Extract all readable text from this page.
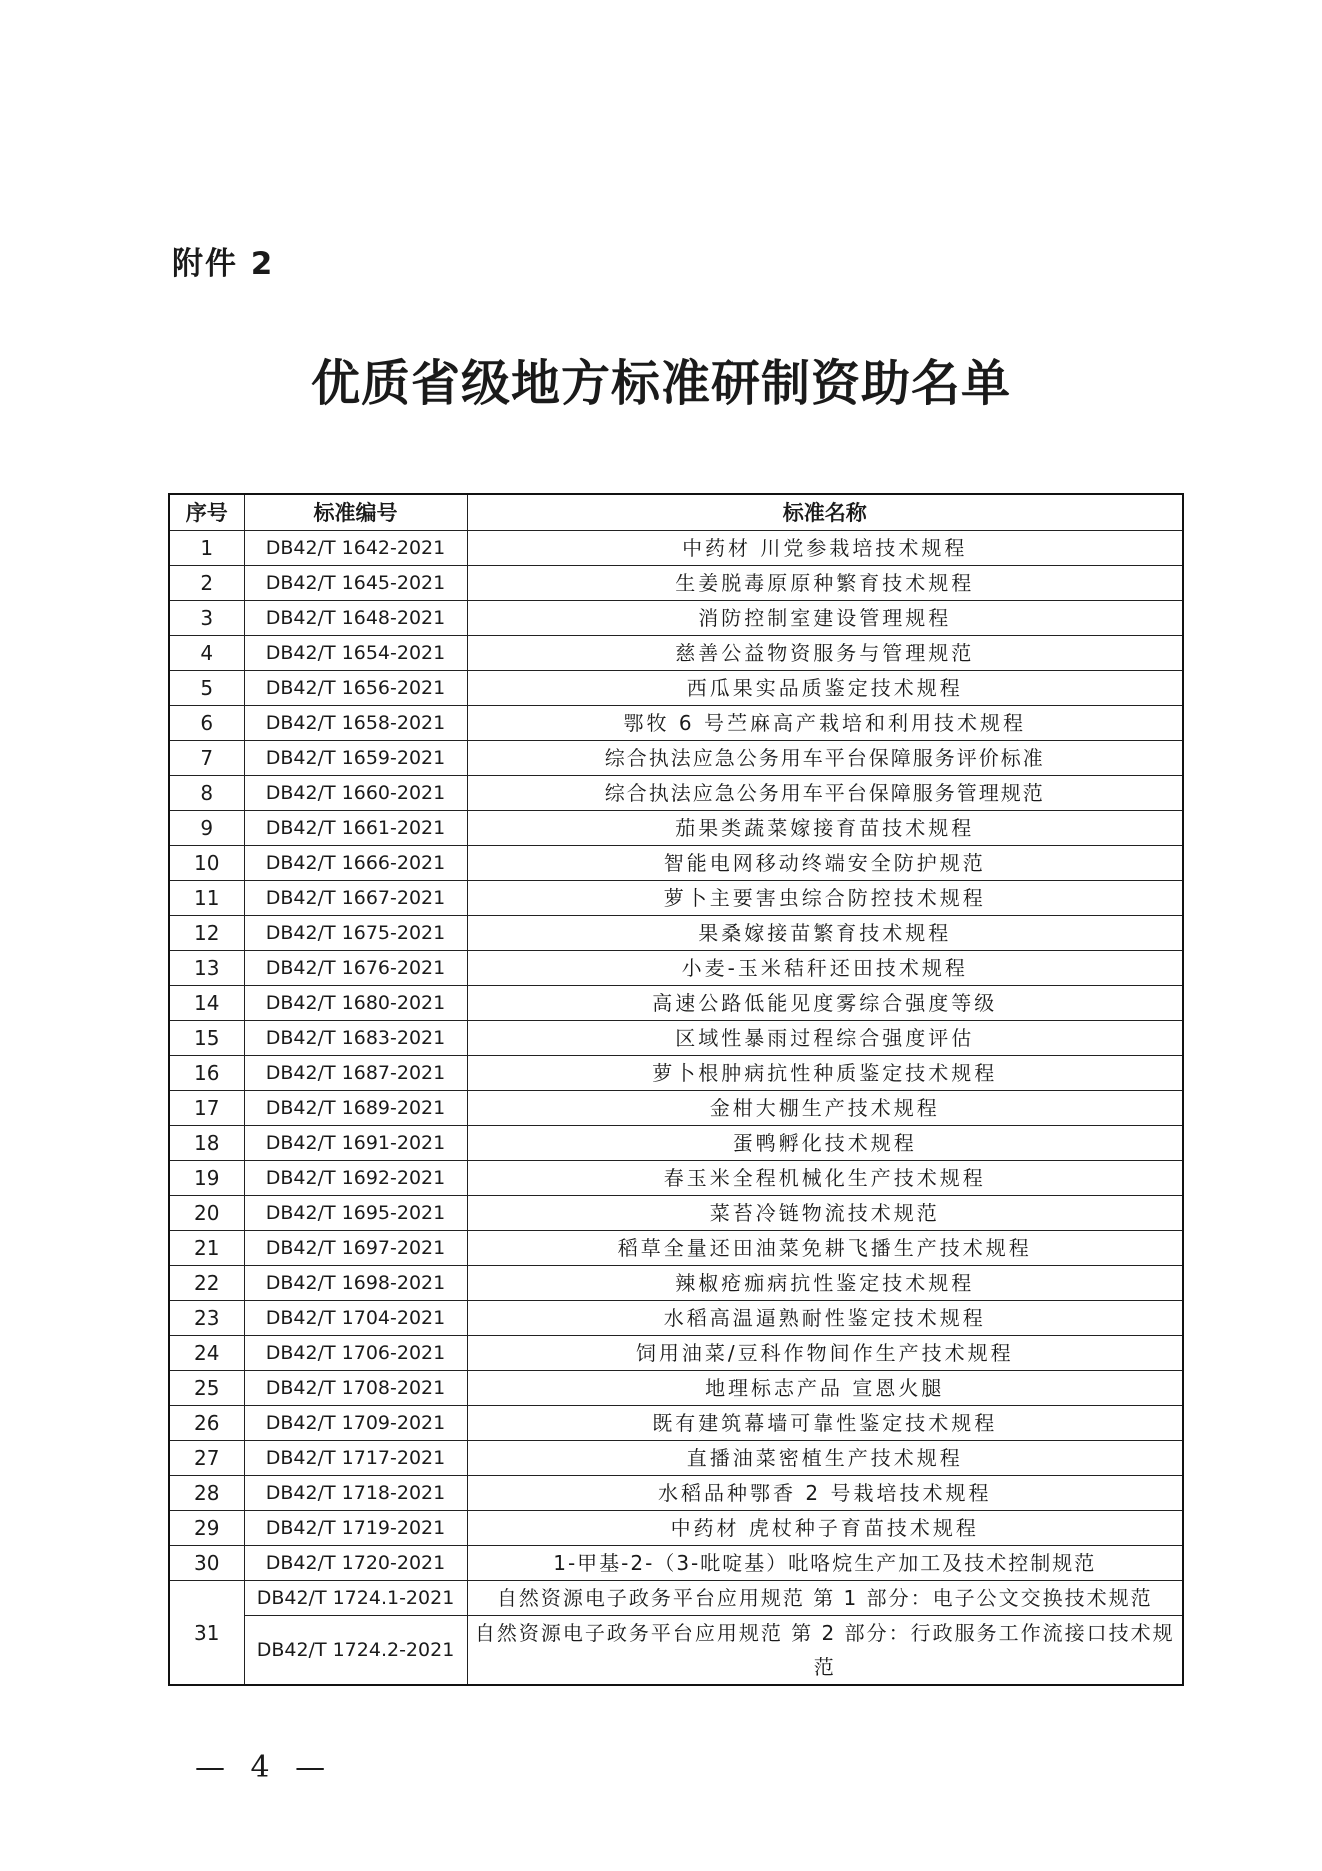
附件 2
优质省级地方标准研制资助名单
序号	标准编号	标准名称
1	DB42/T 1642-2021	中药材 川党参栽培技术规程
2	DB42/T 1645-2021	生姜脱毒原原种繁育技术规程
3	DB42/T 1648-2021	消防控制室建设管理规程
4	DB42/T 1654-2021	慈善公益物资服务与管理规范
5	DB42/T 1656-2021	西瓜果实品质鉴定技术规程
6	DB42/T 1658-2021	鄂牧 6 号苎麻高产栽培和利用技术规程
7	DB42/T 1659-2021	综合执法应急公务用车平台保障服务评价标准
8	DB42/T 1660-2021	综合执法应急公务用车平台保障服务管理规范
9	DB42/T 1661-2021	茄果类蔬菜嫁接育苗技术规程
10	DB42/T 1666-2021	智能电网移动终端安全防护规范
11	DB42/T 1667-2021	萝卜主要害虫综合防控技术规程
12	DB42/T 1675-2021	果桑嫁接苗繁育技术规程
13	DB42/T 1676-2021	小麦-玉米秸秆还田技术规程
14	DB42/T 1680-2021	高速公路低能见度雾综合强度等级
15	DB42/T 1683-2021	区域性暴雨过程综合强度评估
16	DB42/T 1687-2021	萝卜根肿病抗性种质鉴定技术规程
17	DB42/T 1689-2021	金柑大棚生产技术规程
18	DB42/T 1691-2021	蛋鸭孵化技术规程
19	DB42/T 1692-2021	春玉米全程机械化生产技术规程
20	DB42/T 1695-2021	菜苔冷链物流技术规范
21	DB42/T 1697-2021	稻草全量还田油菜免耕飞播生产技术规程
22	DB42/T 1698-2021	辣椒疮痂病抗性鉴定技术规程
23	DB42/T 1704-2021	水稻高温逼熟耐性鉴定技术规程
24	DB42/T 1706-2021	饲用油菜/豆科作物间作生产技术规程
25	DB42/T 1708-2021	地理标志产品 宣恩火腿
26	DB42/T 1709-2021	既有建筑幕墙可靠性鉴定技术规程
27	DB42/T 1717-2021	直播油菜密植生产技术规程
28	DB42/T 1718-2021	水稻品种鄂香 2 号栽培技术规程
29	DB42/T 1719-2021	中药材 虎杖种子育苗技术规程
30	DB42/T 1720-2021	1-甲基-2-（3-吡啶基）吡咯烷生产加工及技术控制规范
31	DB42/T 1724.1-2021	自然资源电子政务平台应用规范 第 1 部分：电子公文交换技术规范
	DB42/T 1724.2-2021	自然资源电子政务平台应用规范 第 2 部分：行政服务工作流接口技术规范
— 4 —
